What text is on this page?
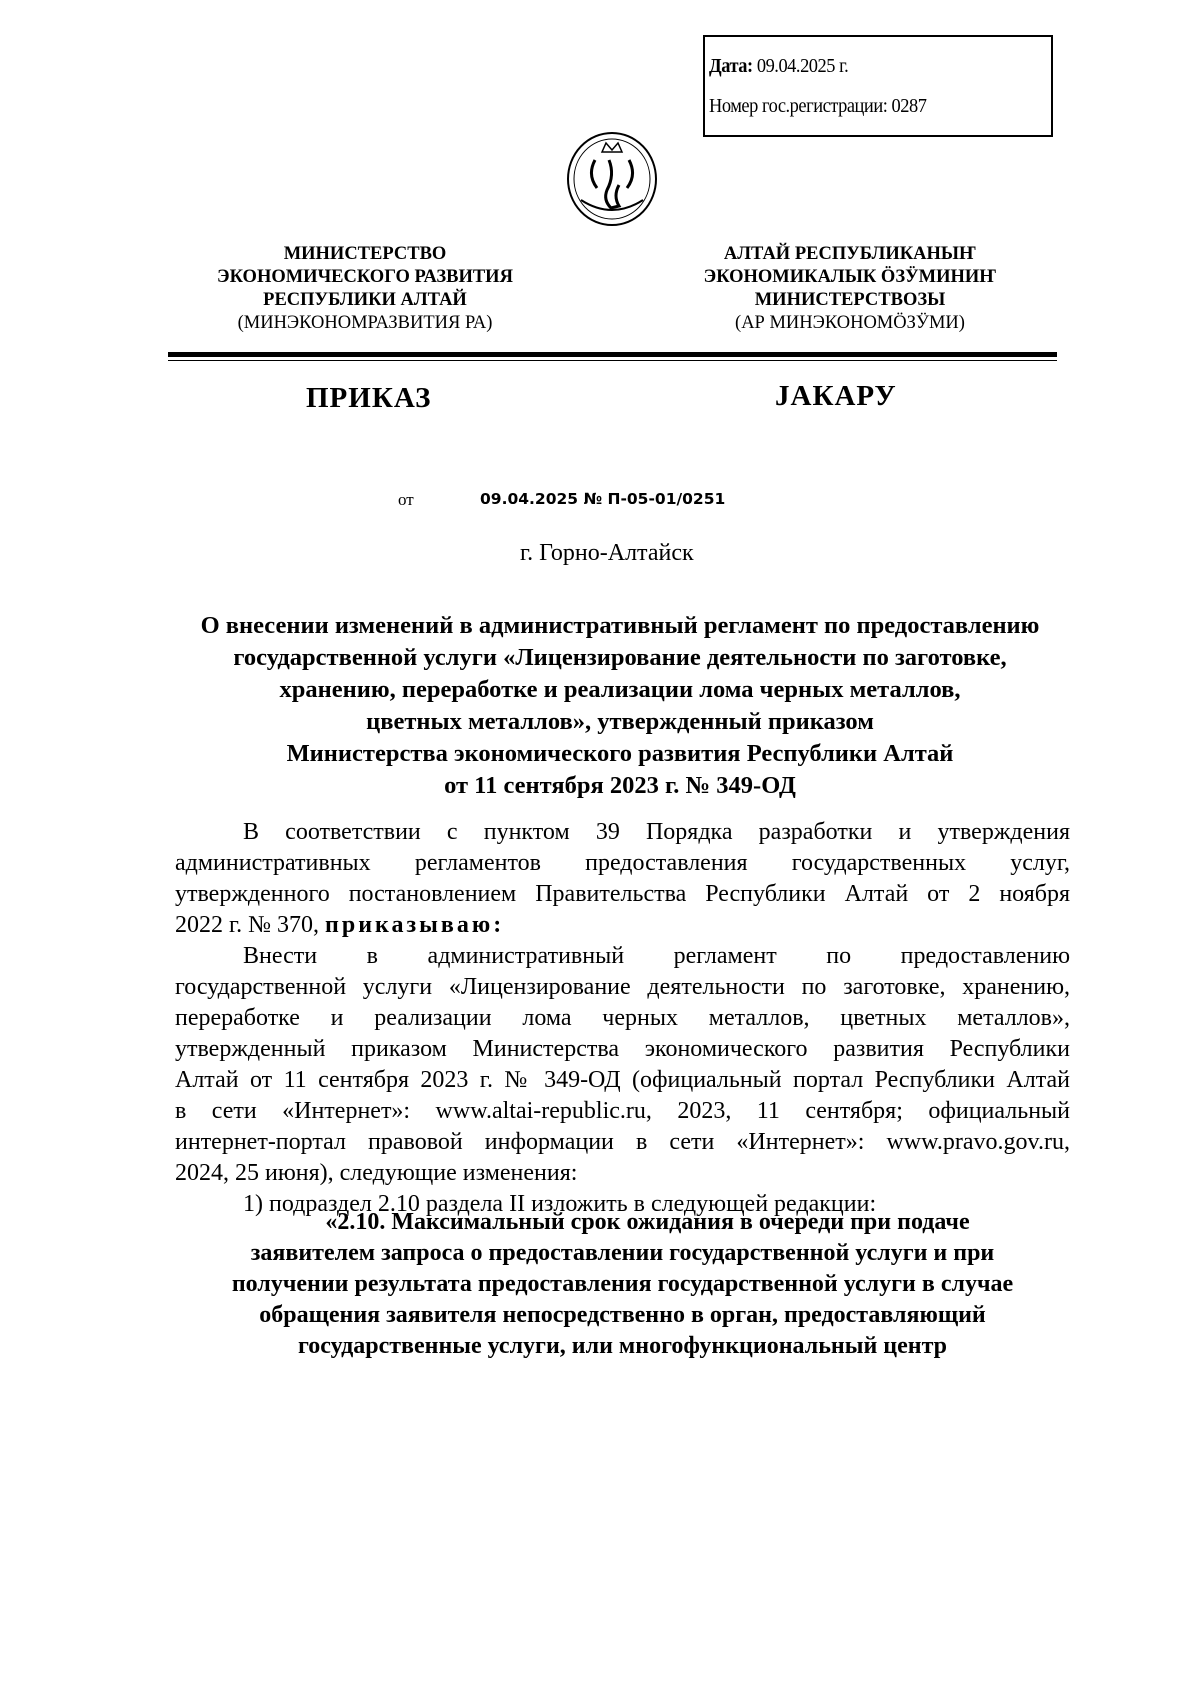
Дата: 09.04.2025 г.
Номер гос.регистрации: 0287
МИНИСТЕРСТВО
ЭКОНОМИЧЕСКОГО РАЗВИТИЯ
РЕСПУБЛИКИ АЛТАЙ
(МИНЭКОНОМРАЗВИТИЯ РА)
АЛТАЙ РЕСПУБЛИКАНЫҤ
ЭКОНОМИКАЛЫК ÖЗӰМИНИҤ
МИНИСТЕРСТВОЗЫ
(АР МИНЭКОНОМÖЗӰМИ)
ПРИКАЗ	JАКАРУ
от	09.04.2025 № П-05-01/0251
г. Горно-Алтайск
О внесении изменений в административный регламент по предоставлению
государственной услуги «Лицензирование деятельности по заготовке,
хранению, переработке и реализации лома черных металлов,
цветных металлов», утвержденный приказом
Министерства экономического развития Республики Алтай
от 11 сентября 2023 г. № 349-ОД
В соответствии с пунктом 39 Порядка разработки и утверждения
административных регламентов предоставления государственных услуг,
утвержденного постановлением Правительства Республики Алтай от 2 ноября
2022 г. № 370, приказываю:
Внести в административный регламент по предоставлению
государственной услуги «Лицензирование деятельности по заготовке, хранению,
переработке и реализации лома черных металлов, цветных металлов»,
утвержденный приказом Министерства экономического развития Республики
Алтай от 11 сентября 2023 г. № 349-ОД (официальный портал Республики Алтай
в сети «Интернет»: www.altai-republic.ru, 2023, 11 сентября; официальный
интернет-портал правовой информации в сети «Интернет»: www.pravo.gov.ru,
2024, 25 июня), следующие изменения:
1) подраздел 2.10 раздела II изложить в следующей редакции:
«2.10. Максимальный срок ожидания в очереди при подаче
заявителем запроса о предоставлении государственной услуги и при
получении результата предоставления государственной услуги в случае
обращения заявителя непосредственно в орган, предоставляющий
государственные услуги, или многофункциональный центр
